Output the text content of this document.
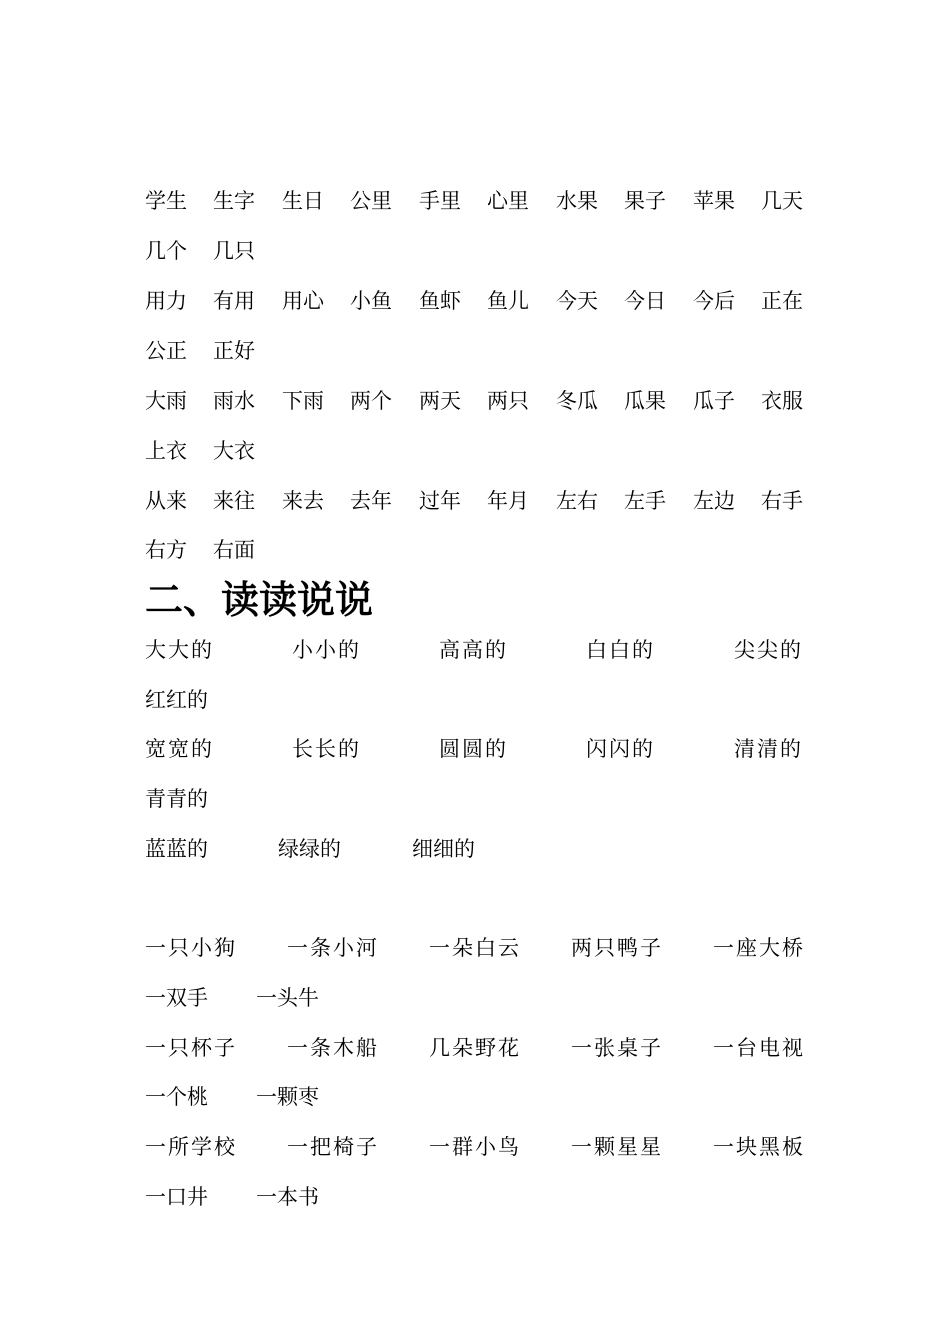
学生 生字 生日 公里 手里 心里 水果 果子 苹果 几天
几个 几只
用力 有用 用心 小鱼 鱼虾 鱼儿 今天 今日 今后 正在
公正 正好
大雨 雨水 下雨 两个 两天 两只 冬瓜 瓜果 瓜子 衣服
上衣 大衣
从来 来往 来去 去年 过年 年月 左右 左手 左边 右手
右方 右面
二、读读说说
大大的	小小的	高高的	白白的	尖尖的
红红的
宽宽的	长长的	圆圆的	闪闪的	清清的
青青的
蓝蓝的	绿绿的	细细的
一只小狗 一条小河 一朵白云 两只鸭子 一座大桥
一双手 一头牛
一只杯子 一条木船 几朵野花 一张桌子 一台电视
一个桃 一颗枣
一所学校 一把椅子 一群小鸟 一颗星星 一块黑板
一口井 一本书
